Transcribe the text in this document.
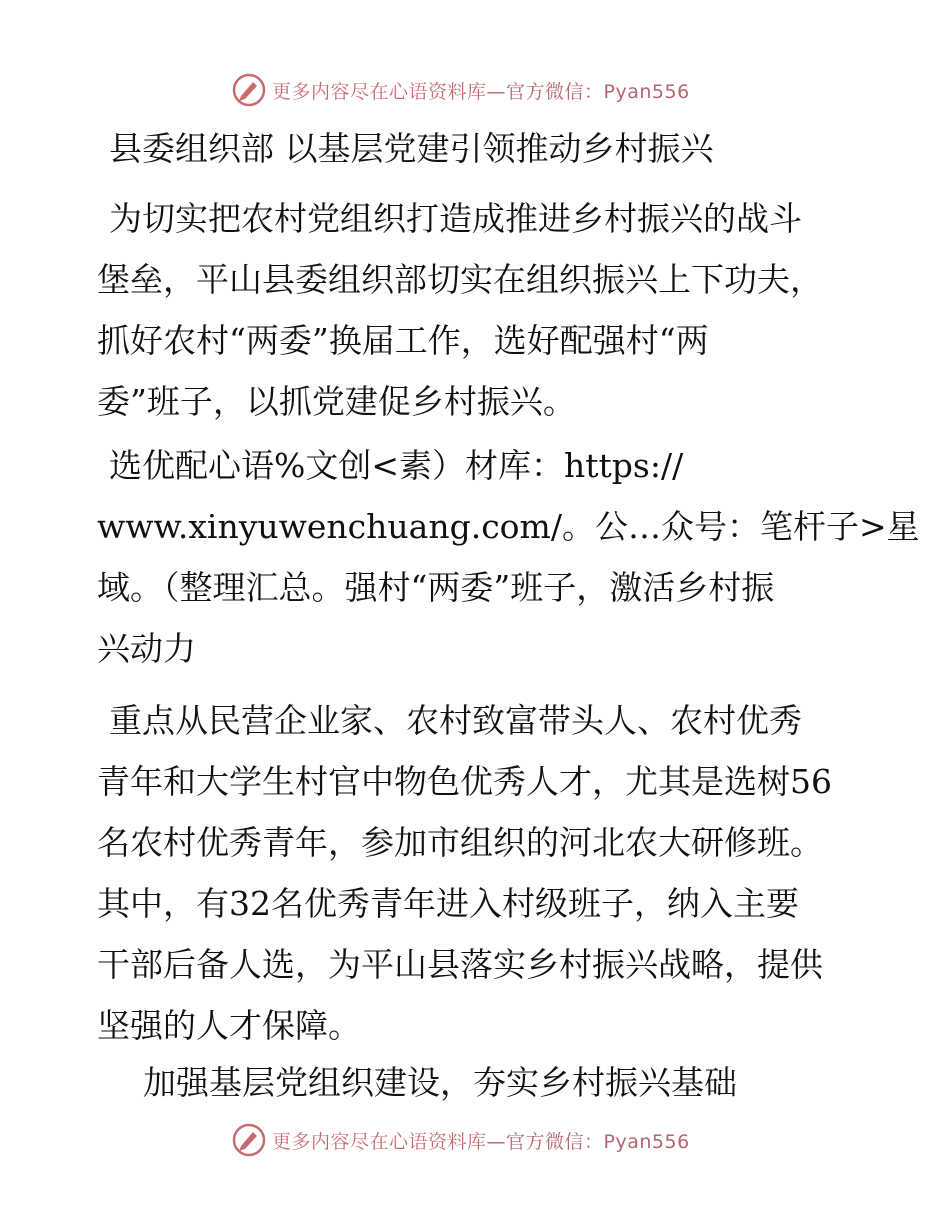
更多内容尽在心语资料库—官方微信：Pyan556
县委组织部 以基层党建引领推动乡村振兴
为切实把农村党组织打造成推进乡村振兴的战斗
堡垒，平山县委组织部切实在组织振兴上下功夫，
抓好农村“两委”换届工作，选好配强村“两
委”班子，以抓党建促乡村振兴。
选优配心语%文创<素）材库：https://
www.xinyuwenchuang.com/。公…众号：笔杆子>星
域。（整理汇总。强村“两委”班子，激活乡村振
兴动力
重点从民营企业家、农村致富带头人、农村优秀
青年和大学生村官中物色优秀人才，尤其是选树56
名农村优秀青年，参加市组织的河北农大研修班。
其中，有32名优秀青年进入村级班子，纳入主要
干部后备人选，为平山县落实乡村振兴战略，提供
坚强的人才保障。
加强基层党组织建设，夯实乡村振兴基础
更多内容尽在心语资料库—官方微信：Pyan556
